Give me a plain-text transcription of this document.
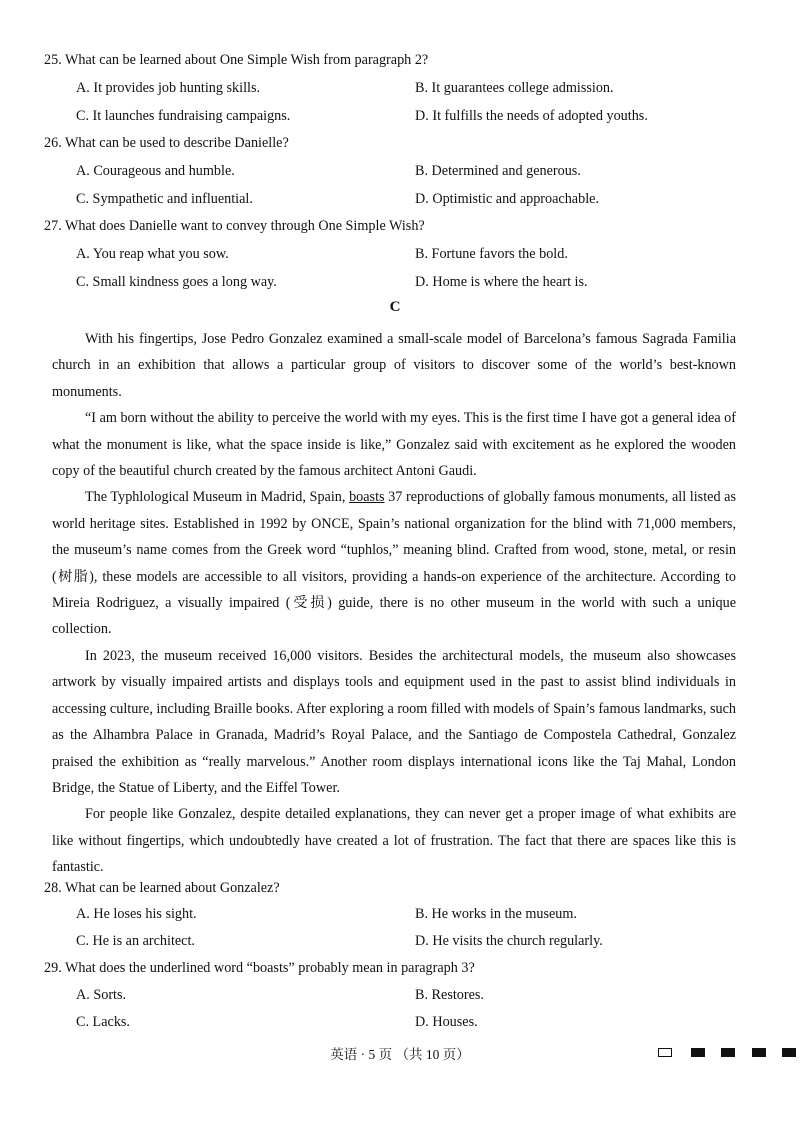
25. What can be learned about One Simple Wish from paragraph 2?
A. It provides job hunting skills.	B. It guarantees college admission.
C. It launches fundraising campaigns.	D. It fulfills the needs of adopted youths.
26. What can be used to describe Danielle?
A. Courageous and humble.	B. Determined and generous.
C. Sympathetic and influential.	D. Optimistic and approachable.
27. What does Danielle want to convey through One Simple Wish?
A. You reap what you sow.	B. Fortune favors the bold.
C. Small kindness goes a long way.	D. Home is where the heart is.
C

With his fingertips, Jose Pedro Gonzalez examined a small-scale model of Barcelona’s famous Sagrada Familia church in an exhibition that allows a particular group of visitors to discover some of the world’s best-known monuments.

“I am born without the ability to perceive the world with my eyes. This is the first time I have got a general idea of what the monument is like, what the space inside is like,” Gonzalez said with excitement as he explored the wooden copy of the beautiful church created by the famous architect Antoni Gaudi.

The Typhlological Museum in Madrid, Spain, boasts 37 reproductions of globally famous monuments, all listed as world heritage sites. Established in 1992 by ONCE, Spain’s national organization for the blind with 71,000 members, the museum’s name comes from the Greek word “tuphlos,” meaning blind. Crafted from wood, stone, metal, or resin (树脂), these models are accessible to all visitors, providing a hands-on experience of the architecture. According to Mireia Rodriguez, a visually impaired (受损) guide, there is no other museum in the world with such a unique collection.

In 2023, the museum received 16,000 visitors. Besides the architectural models, the museum also showcases artwork by visually impaired artists and displays tools and equipment used in the past to assist blind individuals in accessing culture, including Braille books. After exploring a room filled with models of Spain’s famous landmarks, such as the Alhambra Palace in Granada, Madrid’s Royal Palace, and the Santiago de Compostela Cathedral, Gonzalez praised the exhibition as “really marvelous.” Another room displays international icons like the Taj Mahal, London Bridge, the Statue of Liberty, and the Eiffel Tower.

For people like Gonzalez, despite detailed explanations, they can never get a proper image of what exhibits are like without fingertips, which undoubtedly have created a lot of frustration. The fact that there are spaces like this is fantastic.

28. What can be learned about Gonzalez?
A. He loses his sight.	B. He works in the museum.
C. He is an architect.	D. He visits the church regularly.
29. What does the underlined word “boasts” probably mean in paragraph 3?
A. Sorts.	B. Restores.
C. Lacks.	D. Houses.
英语 · 5 页 （共 10 页）
